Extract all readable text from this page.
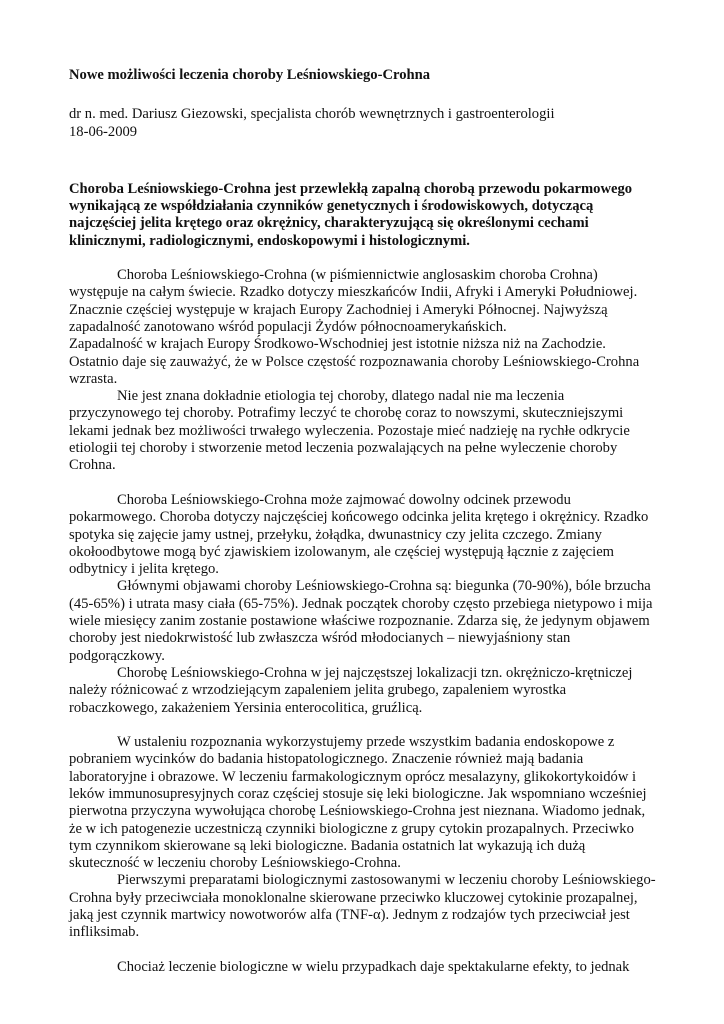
Nowe możliwości leczenia choroby Leśniowskiego-Crohna

dr n. med. Dariusz Giezowski, specjalista chorób wewnętrznych i gastroenterologii

18-06-2009

Choroba Leśniowskiego-Crohna jest przewlekłą zapalną chorobą przewodu pokarmowego wynikającą ze współdziałania czynników genetycznych i środowiskowych, dotyczącą najczęściej jelita krętego oraz okrężnicy, charakteryzującą się określonymi cechami klinicznymi, radiologicznymi, endoskopowymi i histologicznymi.

Choroba Leśniowskiego-Crohna (w piśmiennictwie anglosaskim choroba Crohna) występuje na całym świecie. Rzadko dotyczy mieszkańców Indii, Afryki i Ameryki Południowej. Znacznie częściej występuje w krajach Europy Zachodniej i Ameryki Północnej. Najwyższą zapadalność zanotowano wśród populacji Żydów północnoamerykańskich.

Zapadalność w krajach Europy Środkowo-Wschodniej jest istotnie niższa niż na Zachodzie.

Ostatnio daje się zauważyć, że w Polsce częstość rozpoznawania choroby Leśniowskiego-Crohna wzrasta.

Nie jest znana dokładnie etiologia tej choroby, dlatego nadal nie ma leczenia przyczynowego tej choroby. Potrafimy leczyć te chorobę coraz to nowszymi, skuteczniejszymi lekami jednak bez możliwości trwałego wyleczenia. Pozostaje mieć nadzieję na rychłe odkrycie etiologii tej choroby i stworzenie metod leczenia pozwalających na pełne wyleczenie choroby Crohna.

Choroba Leśniowskiego-Crohna może zajmować dowolny odcinek przewodu pokarmowego. Choroba dotyczy najczęściej końcowego odcinka jelita krętego i okrężnicy. Rzadko spotyka się zajęcie jamy ustnej, przełyku, żołądka, dwunastnicy czy jelita czczego. Zmiany okołoodbytowe mogą być zjawiskiem izolowanym, ale częściej występują łącznie z zajęciem odbytnicy i jelita krętego.

Głównymi objawami choroby Leśniowskiego-Crohna są: biegunka (70-90%), bóle brzucha (45-65%) i utrata masy ciała (65-75%). Jednak początek choroby często przebiega nietypowo i mija wiele miesięcy zanim zostanie postawione właściwe rozpoznanie. Zdarza się, że jedynym objawem choroby jest niedokrwistość lub zwłaszcza wśród młodocianych – niewyjaśniony stan podgorączkowy.

Chorobę Leśniowskiego-Crohna w jej najczęstszej lokalizacji tzn. okrężniczo-krętniczej należy różnicować z wrzodziejącym zapaleniem jelita grubego, zapaleniem wyrostka robaczkowego, zakażeniem Yersinia enterocolitica, gruźlicą.

W ustaleniu rozpoznania wykorzystujemy przede wszystkim badania endoskopowe z pobraniem wycinków do badania histopatologicznego. Znaczenie również mają badania laboratoryjne i obrazowe. W leczeniu farmakologicznym oprócz mesalazyny, glikokortykoidów i leków immunosupresyjnych coraz częściej stosuje się leki biologiczne. Jak wspomniano wcześniej pierwotna przyczyna wywołująca chorobę Leśniowskiego-Crohna jest nieznana. Wiadomo jednak, że w ich patogenezie uczestniczą czynniki biologiczne z grupy cytokin prozapalnych. Przeciwko tym czynnikom skierowane są leki biologiczne. Badania ostatnich lat wykazują ich dużą skuteczność w leczeniu choroby Leśniowskiego-Crohna.

Pierwszymi preparatami biologicznymi zastosowanymi w leczeniu choroby Leśniowskiego-Crohna były przeciwciała monoklonalne skierowane przeciwko kluczowej cytokinie prozapalnej, jaką jest czynnik martwicy nowotworów alfa (TNF-α). Jednym z rodzajów tych przeciwciał jest infliksimab.

Chociaż leczenie biologiczne w wielu przypadkach daje spektakularne efekty, to jednak
